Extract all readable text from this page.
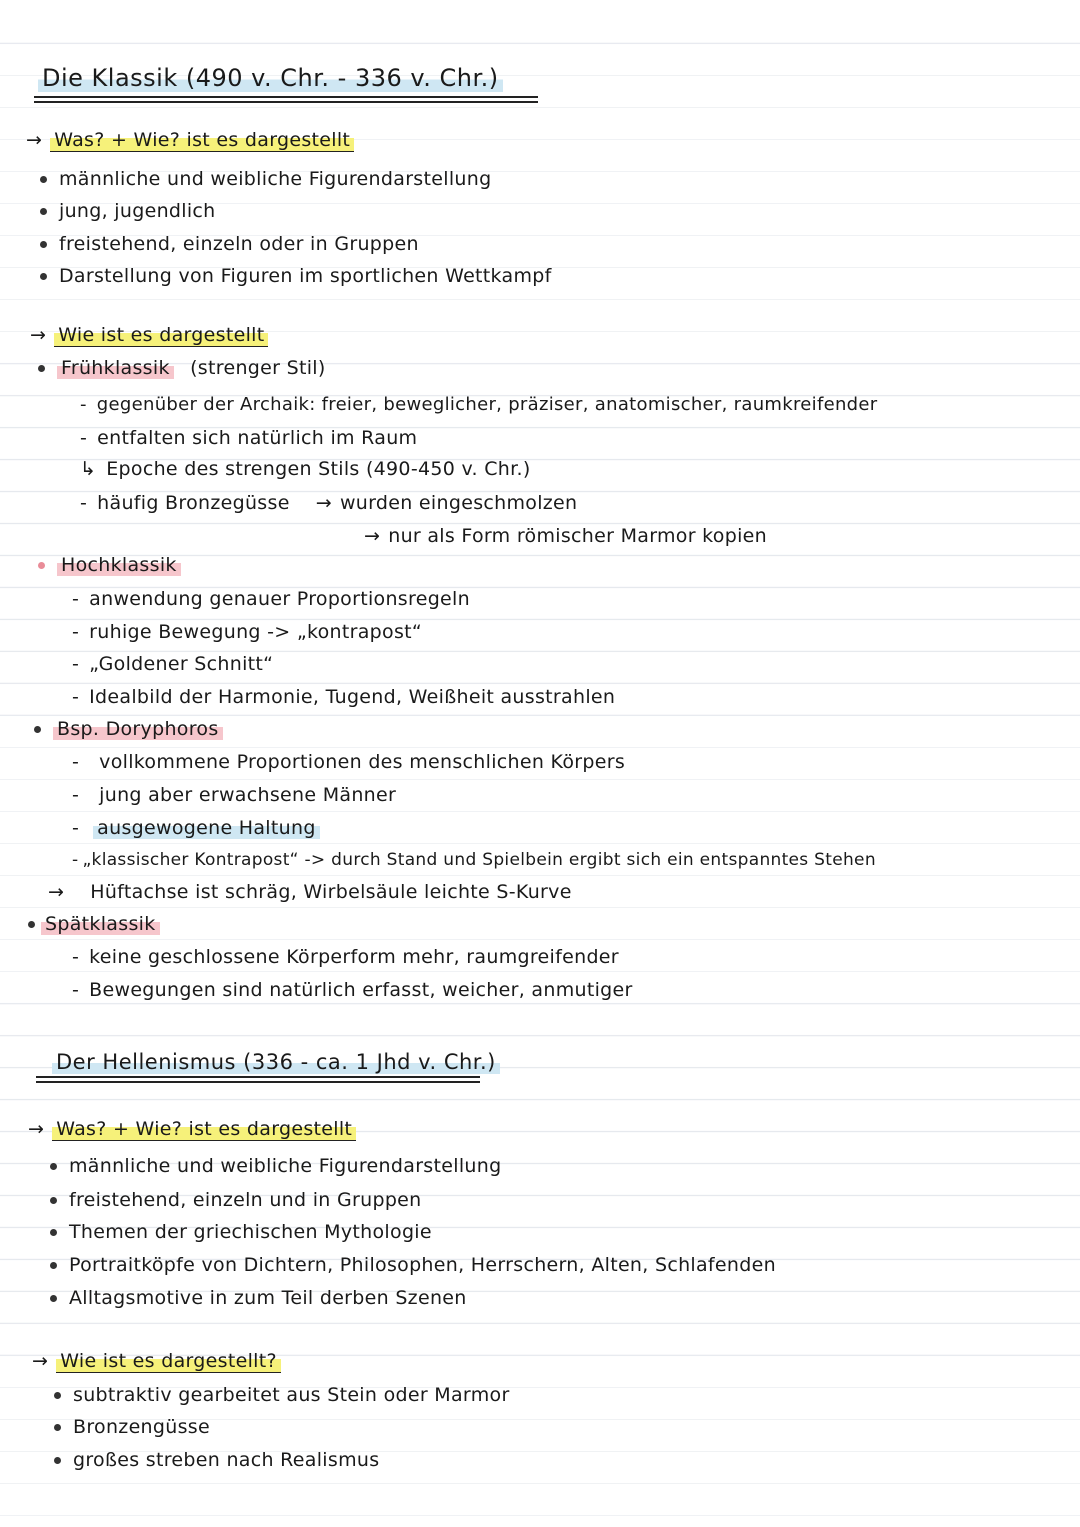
Die Klassik (490 v. Chr. - 336 v. Chr.)
→ Was? + Wie? ist es dargestellt
männliche und weibliche Figurendarstellung
jung, jugendlich
freistehend, einzeln oder in Gruppen
Darstellung von Figuren im sportlichen Wettkampf
→ Wie ist es dargestellt
Frühklassik (strenger Stil)
- gegenüber der Archaik: freier, beweglicher, präziser, anatomischer, raumkreifender
- entfalten sich natürlich im Raum
↳ Epoche des strengen Stils (490-450 v. Chr.)
- häufig Bronzegüsse → wurden eingeschmolzen
→ nur als Form römischer Marmor kopien
Hochklassik
- anwendung genauer Proportionsregeln
- ruhige Bewegung -> „kontrapost“
- „Goldener Schnitt“
- Idealbild der Harmonie, Tugend, Weißheit ausstrahlen
Bsp. Doryphoros
- vollkommene Proportionen des menschlichen Körpers
- jung aber erwachsene Männer
- ausgewogene Haltung
- „klassischer Kontrapost“ -> durch Stand und Spielbein ergibt sich ein entspanntes Stehen
→ Hüftachse ist schräg, Wirbelsäule leichte S-Kurve
Spätklassik
- keine geschlossene Körperform mehr, raumgreifender
- Bewegungen sind natürlich erfasst, weicher, anmutiger
Der Hellenismus (336 - ca. 1 Jhd v. Chr.)
→ Was? + Wie? ist es dargestellt
männliche und weibliche Figurendarstellung
freistehend, einzeln und in Gruppen
Themen der griechischen Mythologie
Portraitköpfe von Dichtern, Philosophen, Herrschern, Alten, Schlafenden
Alltagsmotive in zum Teil derben Szenen
→ Wie ist es dargestellt?
subtraktiv gearbeitet aus Stein oder Marmor
Bronzengüsse
großes streben nach Realismus
